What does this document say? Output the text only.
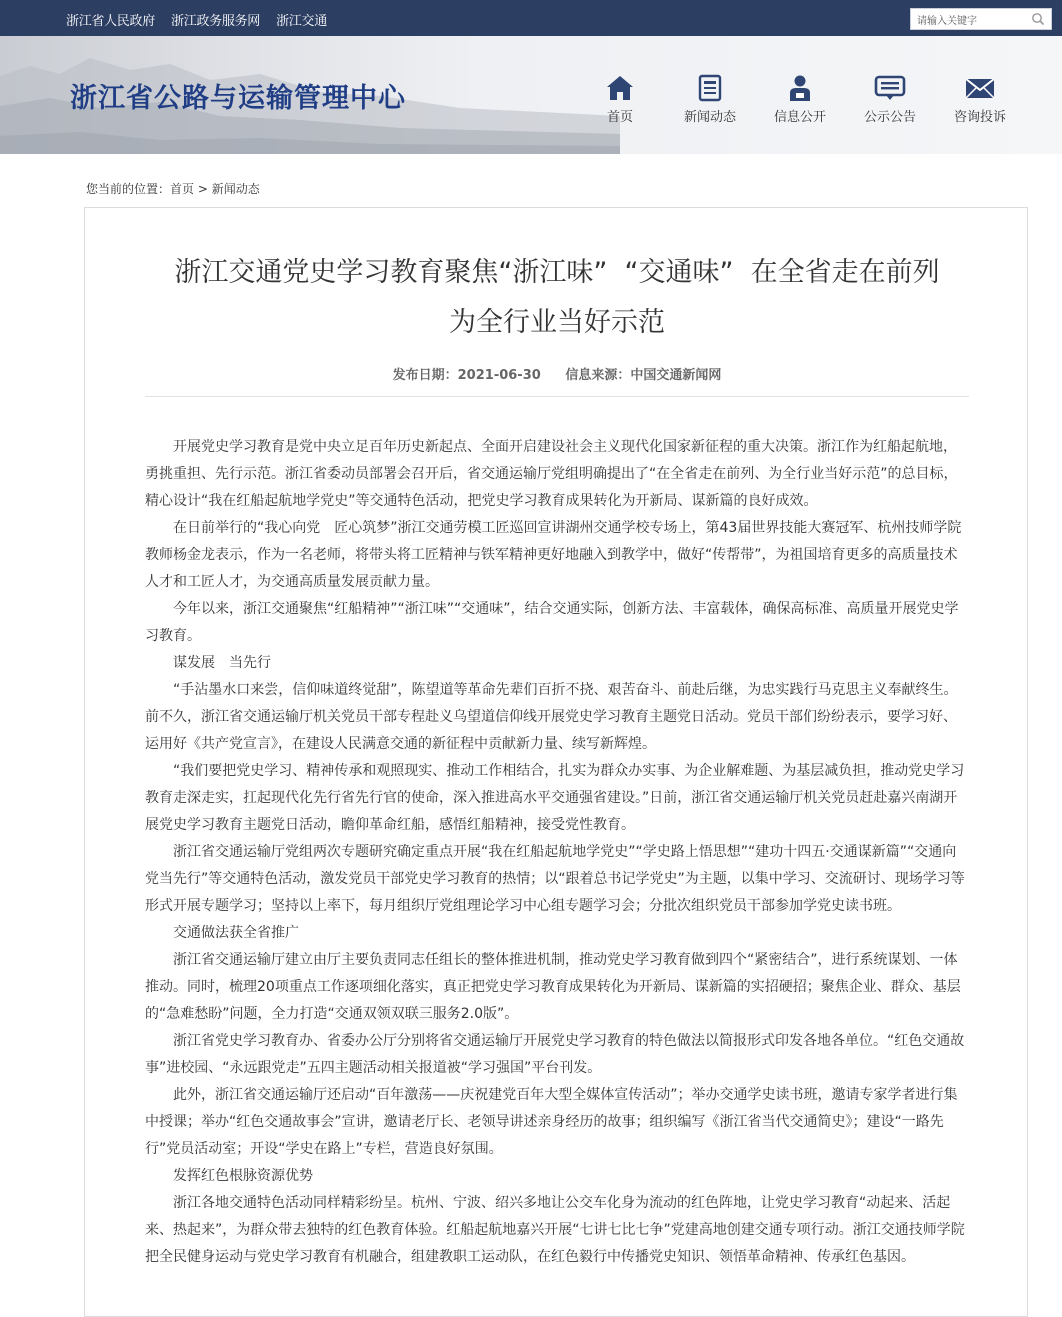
浙江省人民政府 浙江政务服务网 浙江交通
请输入关键字
浙江省公路与运输管理中心
首页	新闻动态	信息公开	公示公告	咨询投诉
您当前的位置：首页 > 新闻动态
浙江交通党史学习教育聚焦“浙江味”  “交通味”  在全省走在前列
为全行业当好示范
发布日期：2021-06-30 信息来源：中国交通新闻网

开展党史学习教育是党中央立足百年历史新起点、全面开启建设社会主义现代化国家新征程的重大决策。浙江作为红船起航地，勇挑重担、先行示范。浙江省委动员部署会召开后，省交通运输厅党组明确提出了“在全省走在前列、为全行业当好示范”的总目标，精心设计“我在红船起航地学党史”等交通特色活动，把党史学习教育成果转化为开新局、谋新篇的良好成效。

在日前举行的“我心向党　匠心筑梦”浙江交通劳模工匠巡回宣讲湖州交通学校专场上，第43届世界技能大赛冠军、杭州技师学院教师杨金龙表示，作为一名老师，将带头将工匠精神与铁军精神更好地融入到教学中，做好“传帮带”，为祖国培育更多的高质量技术人才和工匠人才，为交通高质量发展贡献力量。

今年以来，浙江交通聚焦“红船精神”“浙江味”“交通味”，结合交通实际，创新方法、丰富载体，确保高标准、高质量开展党史学习教育。

谋发展　当先行

“手沾墨水口来尝，信仰味道终觉甜”，陈望道等革命先辈们百折不挠、艰苦奋斗、前赴后继，为忠实践行马克思主义奉献终生。前不久，浙江省交通运输厅机关党员干部专程赴义乌望道信仰线开展党史学习教育主题党日活动。党员干部们纷纷表示，要学习好、运用好《共产党宣言》，在建设人民满意交通的新征程中贡献新力量、续写新辉煌。

“我们要把党史学习、精神传承和观照现实、推动工作相结合，扎实为群众办实事、为企业解难题、为基层减负担，推动党史学习教育走深走实，扛起现代化先行省先行官的使命，深入推进高水平交通强省建设。”日前，浙江省交通运输厅机关党员赶赴嘉兴南湖开展党史学习教育主题党日活动，瞻仰革命红船，感悟红船精神，接受党性教育。

浙江省交通运输厅党组两次专题研究确定重点开展“我在红船起航地学党史”“学史路上悟思想”“建功十四五·交通谋新篇”“交通向党当先行”等交通特色活动，激发党员干部党史学习教育的热情；以“跟着总书记学党史”为主题，以集中学习、交流研讨、现场学习等形式开展专题学习；坚持以上率下，每月组织厅党组理论学习中心组专题学习会；分批次组织党员干部参加学党史读书班。

交通做法获全省推广

浙江省交通运输厅建立由厅主要负责同志任组长的整体推进机制，推动党史学习教育做到四个“紧密结合”，进行系统谋划、一体推动。同时，梳理20项重点工作逐项细化落实，真正把党史学习教育成果转化为开新局、谋新篇的实招硬招；聚焦企业、群众、基层的“急难愁盼”问题，全力打造“交通双领双联三服务2.0版”。

浙江省党史学习教育办、省委办公厅分别将省交通运输厅开展党史学习教育的特色做法以简报形式印发各地各单位。“红色交通故事”进校园、“永远跟党走”五四主题活动相关报道被“学习强国”平台刊发。

此外，浙江省交通运输厅还启动“百年激荡——庆祝建党百年大型全媒体宣传活动”；举办交通学史读书班，邀请专家学者进行集中授课；举办“红色交通故事会”宣讲，邀请老厅长、老领导讲述亲身经历的故事；组织编写《浙江省当代交通简史》；建设“一路先行”党员活动室；开设“学史在路上”专栏，营造良好氛围。

发挥红色根脉资源优势

浙江各地交通特色活动同样精彩纷呈。杭州、宁波、绍兴多地让公交车化身为流动的红色阵地，让党史学习教育“动起来、活起来、热起来”，为群众带去独特的红色教育体验。红船起航地嘉兴开展“七讲七比七争”党建高地创建交通专项行动。浙江交通技师学院把全民健身运动与党史学习教育有机融合，组建教职工运动队，在红色毅行中传播党史知识、领悟革命精神、传承红色基因。
